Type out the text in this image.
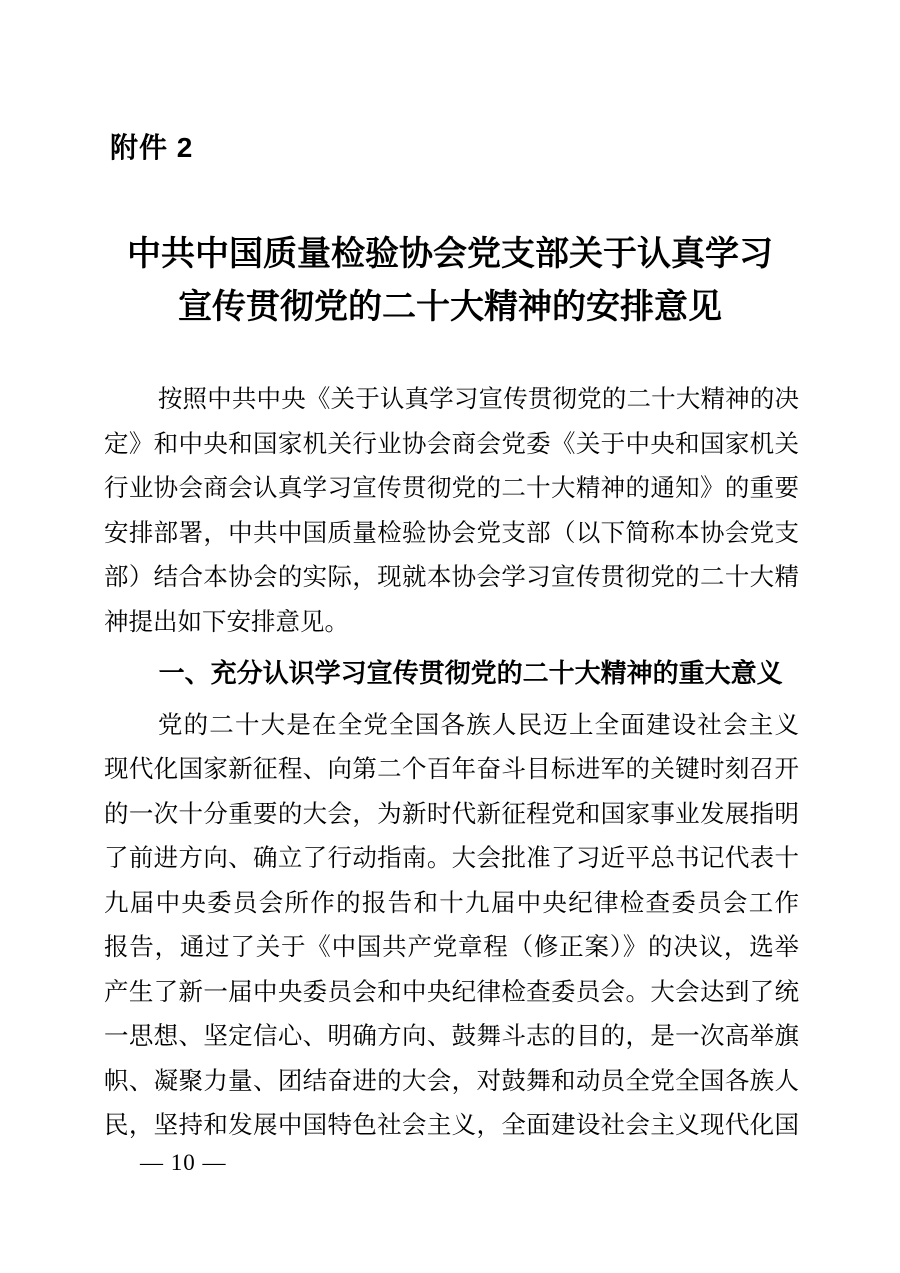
附件 2
中共中国质量检验协会党支部关于认真学习
宣传贯彻党的二十大精神的安排意见
按照中共中央《关于认真学习宣传贯彻党的二十大精神的决
定》和中央和国家机关行业协会商会党委《关于中央和国家机关
行业协会商会认真学习宣传贯彻党的二十大精神的通知》的重要
安排部署，中共中国质量检验协会党支部（以下简称本协会党支
部）结合本协会的实际，现就本协会学习宣传贯彻党的二十大精
神提出如下安排意见。
一、充分认识学习宣传贯彻党的二十大精神的重大意义
党的二十大是在全党全国各族人民迈上全面建设社会主义
现代化国家新征程、向第二个百年奋斗目标进军的关键时刻召开
的一次十分重要的大会，为新时代新征程党和国家事业发展指明
了前进方向、确立了行动指南。大会批准了习近平总书记代表十
九届中央委员会所作的报告和十九届中央纪律检查委员会工作
报告，通过了关于《中国共产党章程（修正案）》的决议，选举
产生了新一届中央委员会和中央纪律检查委员会。大会达到了统
一思想、坚定信心、明确方向、鼓舞斗志的目的，是一次高举旗
帜、凝聚力量、团结奋进的大会，对鼓舞和动员全党全国各族人
民，坚持和发展中国特色社会主义，全面建设社会主义现代化国
— 10 —
